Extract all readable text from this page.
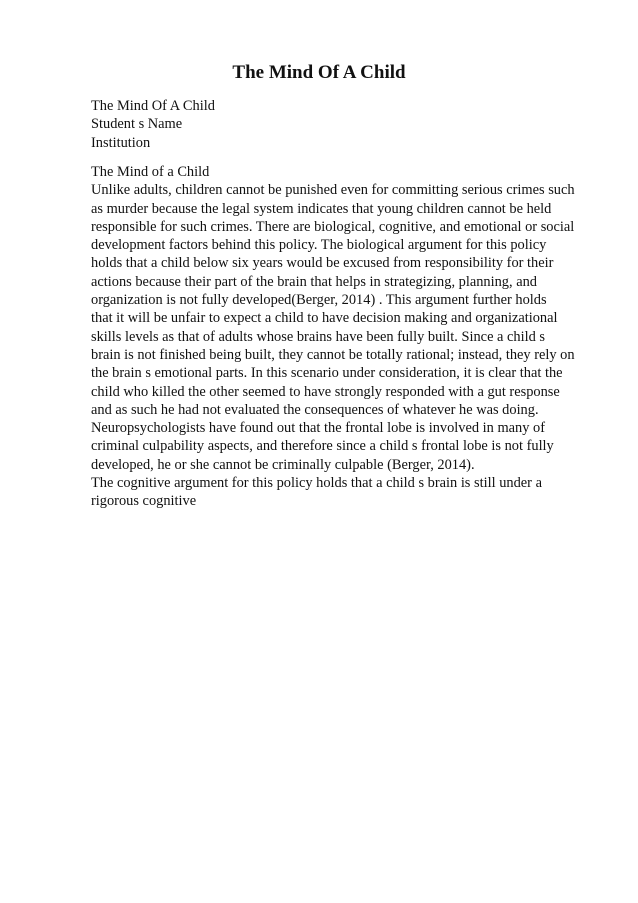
The Mind Of A Child
The Mind Of A Child
Student s Name
Institution
The Mind of a Child
Unlike adults, children cannot be punished even for committing serious crimes such
as murder because the legal system indicates that young children cannot be held
responsible for such crimes. There are biological, cognitive, and emotional or social
development factors behind this policy. The biological argument for this policy
holds that a child below six years would be excused from responsibility for their
actions because their part of the brain that helps in strategizing, planning, and
organization is not fully developed(Berger, 2014) . This argument further holds
that it will be unfair to expect a child to have decision making and organizational
skills levels as that of adults whose brains have been fully built. Since a child s
brain is not finished being built, they cannot be totally rational; instead, they rely on
the brain s emotional parts. In this scenario under consideration, it is clear that the
child who killed the other seemed to have strongly responded with a gut response
and as such he had not evaluated the consequences of whatever he was doing.
Neuropsychologists have found out that the frontal lobe is involved in many of
criminal culpability aspects, and therefore since a child s frontal lobe is not fully
developed, he or she cannot be criminally culpable (Berger, 2014).
The cognitive argument for this policy holds that a child s brain is still under a
rigorous cognitive
